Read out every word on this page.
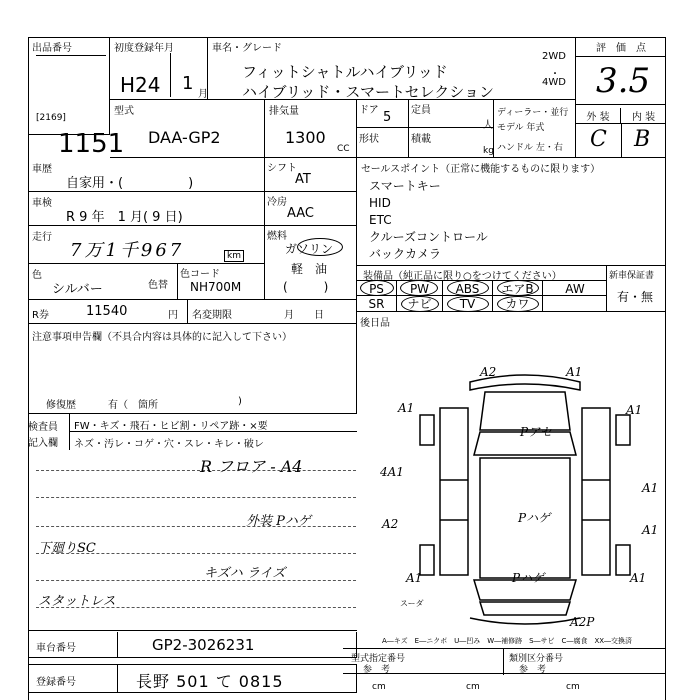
出品番号
[2169]
1151
初度登録年月
H24 1
月
車名・グレード
フィットシャトルハイブリッド
ハイブリッド・スマートセレクション
2WD
・
4WD
評　価　点
3.5
型式
DAA-GP2
排気量
1300
CC
ドア 5
形状
定員
人
積載
kg
ディーラー・並行
モデル 年式
ハンドル 左・右
外 装	内 装
C B
車歴
自家用・(　　　　　)
車検
R 9 年　1 月( 9 日)
走行
7万1千967	km
色
シルバー	色替
色コード
NH700M
シフト
AT
冷房
AAC
燃料
ガソリン
軽　油
(　　　)
R券	11540	円 名変期限	月　　日
セールスポイント（正常に機能するものに限ります）
スマートキー
HID
ETC
クルーズコントロール
バックカメラ
装備品（純正品に限り○をつけてください）
PS	PW	ABS	エアB	AW
SR	ナビ	TV	カワ
新車保証書
有・無
後日品
注意事項申告欄（不具合内容は具体的に記入して下さい）
修復歴	有（　箇所	)
検査員
記入欄
FW・キズ・飛石・ヒビ割・リペア跡・×要
ネズ・汚レ・コゲ・穴・スレ・キレ・破レ
R フロア - A4
外装 Pハゲ
下廻りSC
キズハ ライズ
スタットレス
A2	A1
A1	A1
Pアセ
4A1
A1
A2	Pハゲ
A1
A1	Pハゲ	A1
A2P
スーダ
A―キズ　E―ニクボ　U―凹み　W―補修跡　S―サビ　C―腐食　XX―交換済
車台番号	GP2-3026231
登録番号	長野 501 て 0815
型式指定番号
参　考
類別区分番号
参　考
cm	cm	cm
